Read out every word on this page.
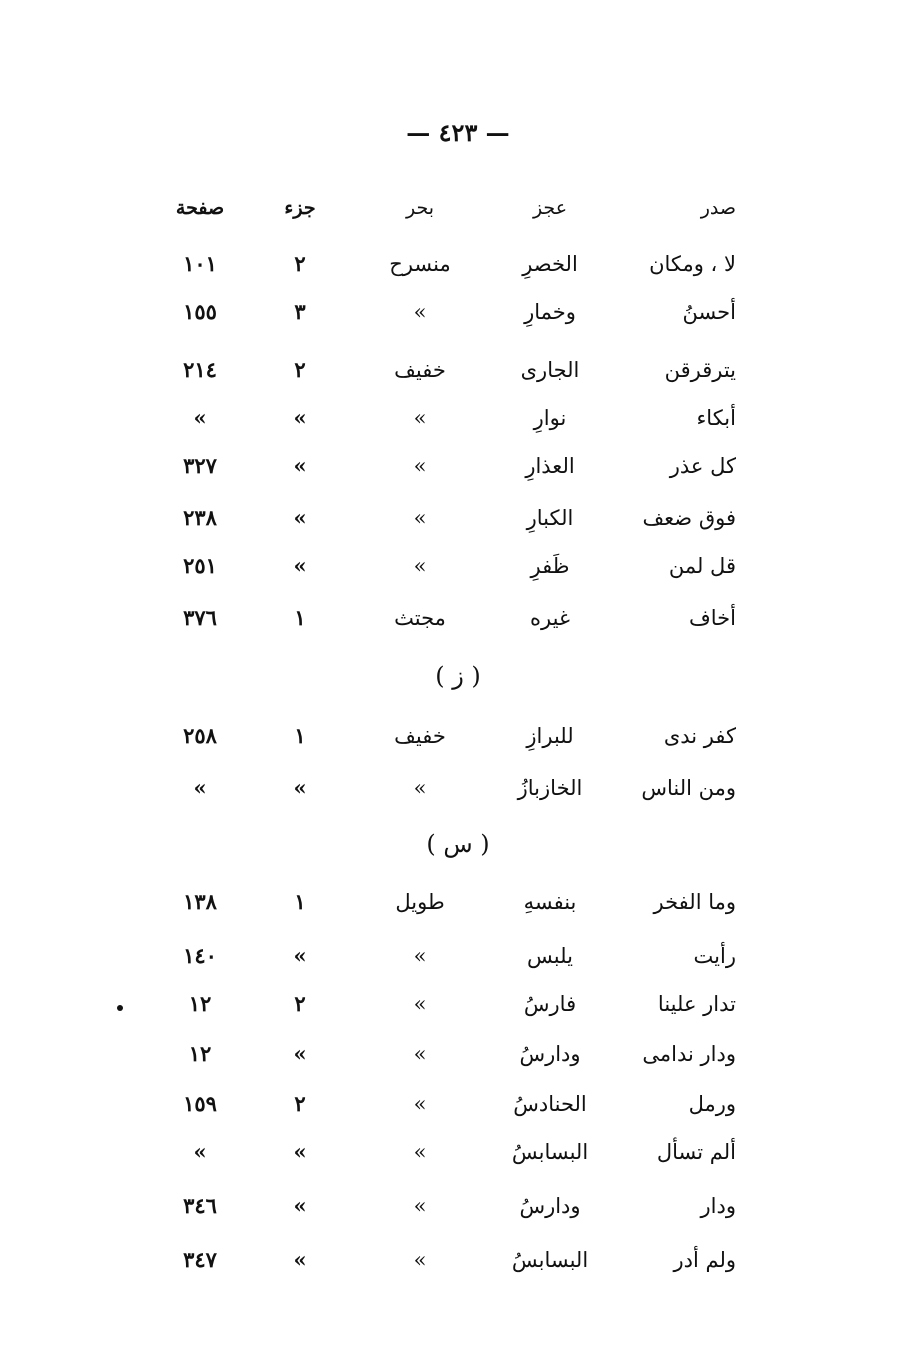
— ٤٢٣ —
صدر
عجز
بحر
جزء
صفحة
لا ، ومكان
الخصرِ
منسرح
٢
١٠١
أحسنُ
وخمارِ
»
٣
١٥٥
يترقرقن
الجارى
خفيف
٢
٢١٤
أبكاء
نوارِ
»
»
»
كل عذر
العذارِ
»
»
٣٢٧
فوق ضعف
الكبارِ
»
»
٢٣٨
قل لمن
ظَفرِ
»
»
٢٥١
أخاف
غيره
مجتث
١
٣٧٦
( ز )
كفر ندى
للبرازِ
خفيف
١
٢٥٨
ومن الناس
الخازبازُ
»
»
»
( س )
وما الفخر
بنفسهِ
طويل
١
١٣٨
رأيت
يلبس
»
»
١٤٠
تدار علينا
فارسُ
»
٢
١٢
ودار ندامى
ودارسُ
»
»
١٢
ورمل
الحنادسُ
»
٢
١٥٩
ألم تسأل
البسابسُ
»
»
»
ودار
ودارسُ
»
»
٣٤٦
ولم أدر
البسابسُ
»
»
٣٤٧
